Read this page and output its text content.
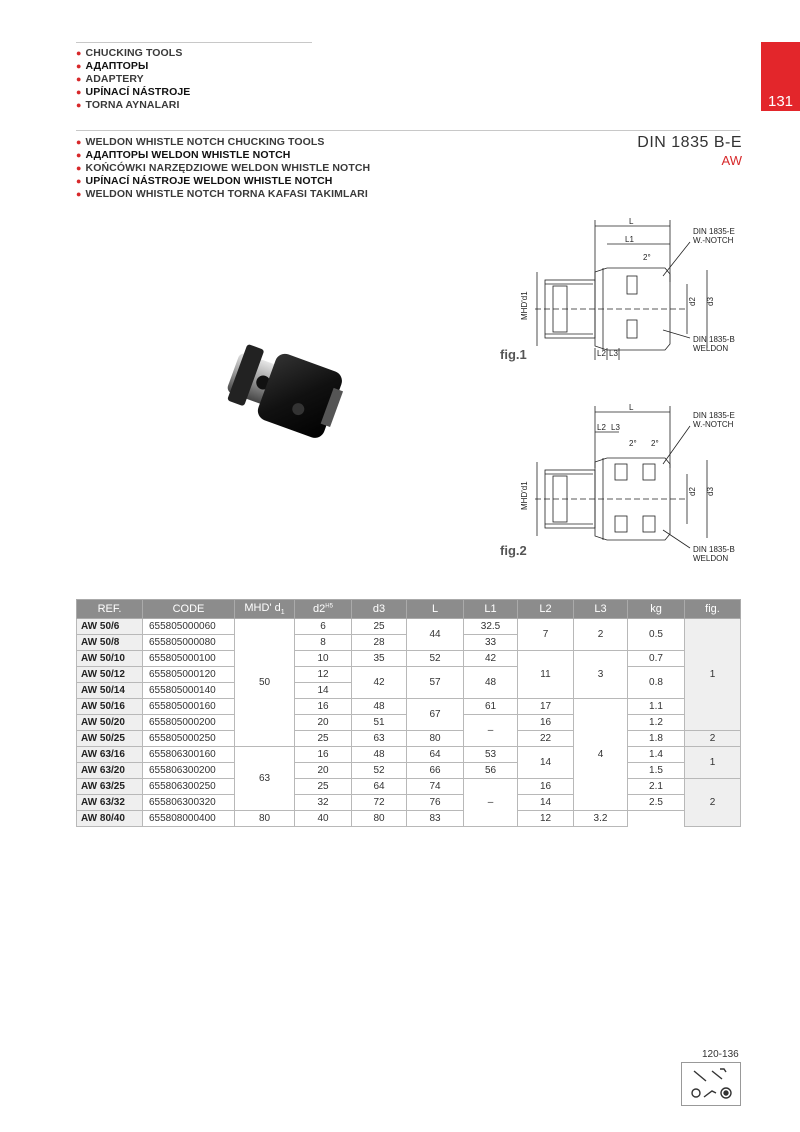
● CHUCKING TOOLS
● АДАПТОРЫ
● ADAPTERY
● UPÍNACÍ NÁSTROJE
● TORNA AYNALARI	131
● WELDON WHISTLE NOTCH CHUCKING TOOLS
● АДАПТОРЫ WELDON WHISTLE NOTCH
● KOŃCÓWKI NARZĘDZIOWE WELDON WHISTLE NOTCH
● UPÍNACÍ NÁSTROJE WELDON WHISTLE NOTCH
● WELDON WHISTLE NOTCH TORNA KAFASI TAKIMLARI
DIN 1835 B-E
AW
L
L1
2°
L2 L3
MHD'd1	d2 d3
DIN 1835-E
W.-NOTCH
DIN 1835-B
WELDON
fig.1
L
L2 L3
2° 2°
MHD'd1	d2 d3
DIN 1835-E
W.-NOTCH
DIN 1835-B
WELDON
fig.2
REF.	CODE	MHD' $d_1$	$d2^{H5}$	d3	L	L1	L2	L3	kg	fig.
AW 50/6	655805000060	50	6	25	44	32.5	7	2	0.5	1
AW 50/8	655805000080		8	28		33				
AW 50/10	655805000100		10	35	52	42	11	3	0.7	
AW 50/12	655805000120		12	42	57	48			0.8	
AW 50/14	655805000140		14							
AW 50/16	655805000160		16	48	67	61	17	4	1.1	
AW 50/20	655805000200		20	51		–	16		1.2	
AW 50/25	655805000250		25	63	80		22		1.8	2
AW 63/16	655806300160	63	16	48	64	53	14		1.4	1
AW 63/20	655806300200		20	52	66	56			1.5	
AW 63/25	655806300250		25	64	74	–	16		2.1	2
AW 63/32	655806300320		32	72	76		14		2.5	
AW 80/40	655808000400	80	40	80	83		12	3.2		
120-136
